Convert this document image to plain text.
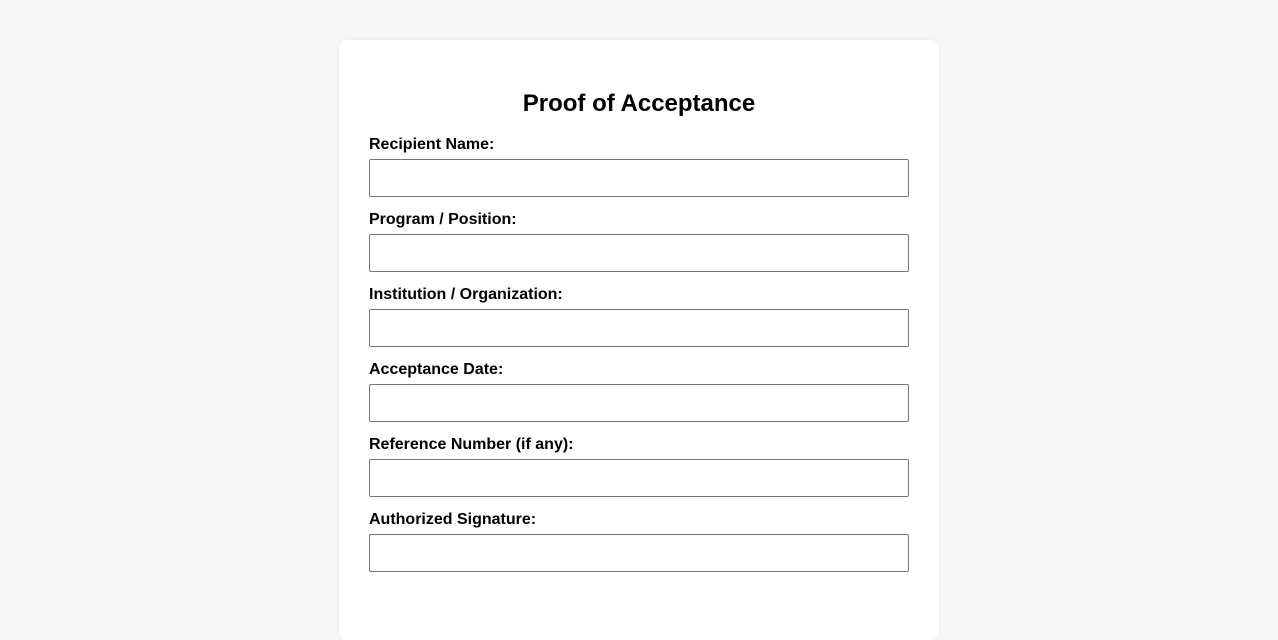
Proof of Acceptance
Recipient Name:
Program / Position:
Institution / Organization:
Acceptance Date:
Reference Number (if any):
Authorized Signature:
